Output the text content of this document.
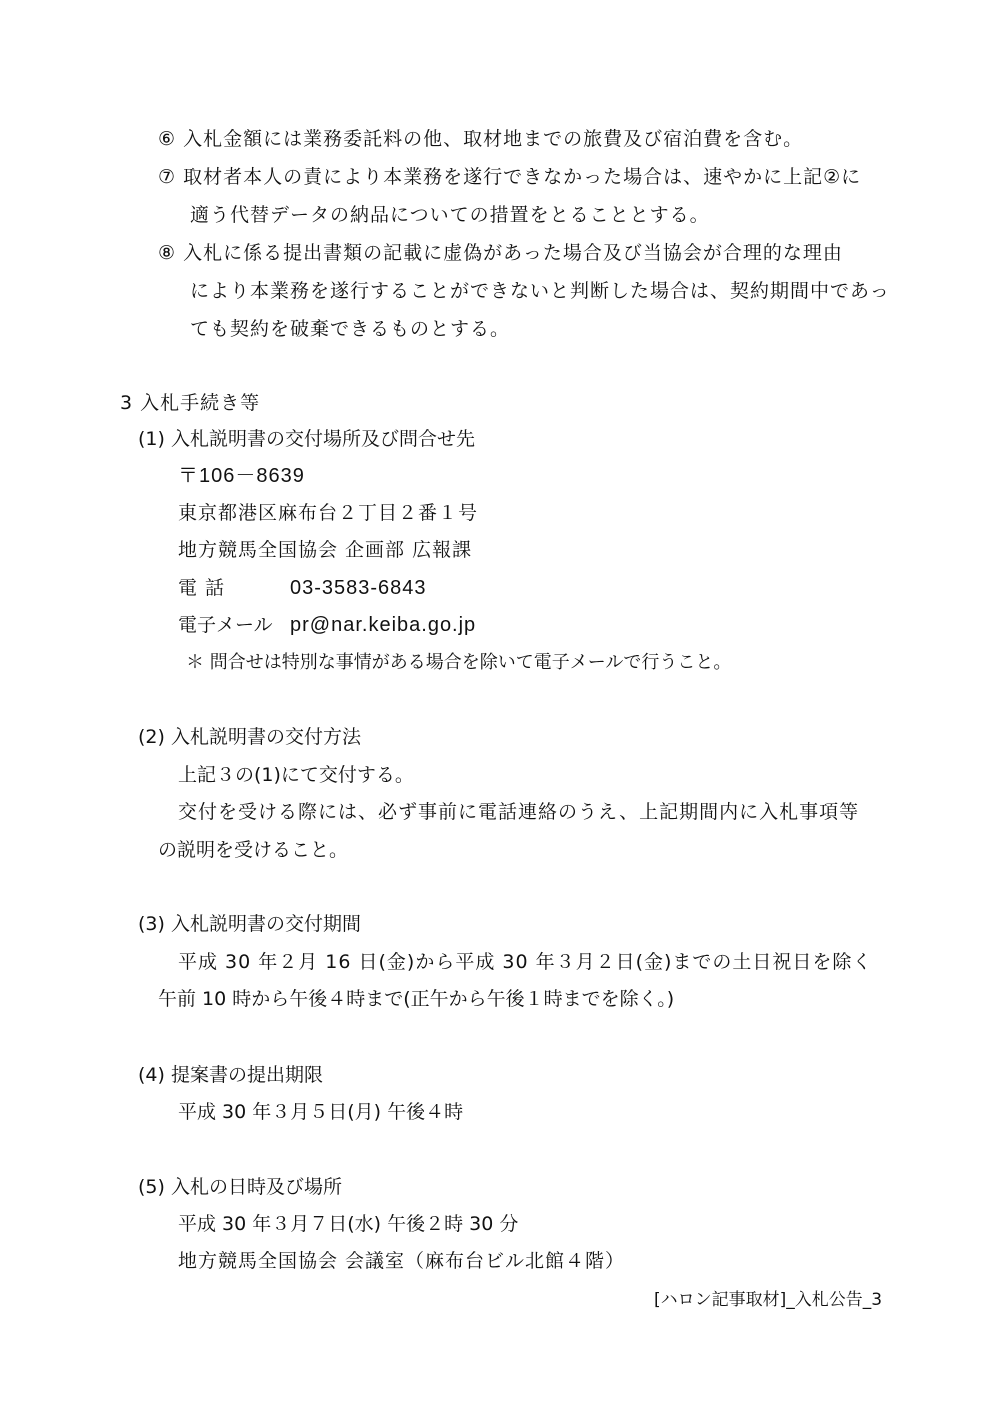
⑥ 入札金額には業務委託料の他、取材地までの旅費及び宿泊費を含む。
⑦ 取材者本人の責により本業務を遂行できなかった場合は、速やかに上記②に
適う代替データの納品についての措置をとることとする。
⑧ 入札に係る提出書類の記載に虚偽があった場合及び当協会が合理的な理由
により本業務を遂行することができないと判断した場合は、契約期間中であっ
ても契約を破棄できるものとする。
3 入札手続き等
(1) 入札説明書の交付場所及び問合せ先
〒106－8639
東京都港区麻布台２丁目２番１号
地方競馬全国協会 企画部 広報課
電 話	03-3583-6843
電子メール pr@nar.keiba.go.jp
＊ 問合せは特別な事情がある場合を除いて電子メールで行うこと。
(2) 入札説明書の交付方法
上記３の(1)にて交付する。
交付を受ける際には、必ず事前に電話連絡のうえ、上記期間内に入札事項等
の説明を受けること。
(3) 入札説明書の交付期間
平成 30 年２月 16 日(金)から平成 30 年３月２日(金)までの土日祝日を除く
午前 10 時から午後４時まで(正午から午後１時までを除く。)
(4) 提案書の提出期限
平成 30 年３月５日(月) 午後４時
(5) 入札の日時及び場所
平成 30 年３月７日(水) 午後２時 30 分
地方競馬全国協会 会議室（麻布台ビル北館４階）
[ハロン記事取材]_入札公告_3
